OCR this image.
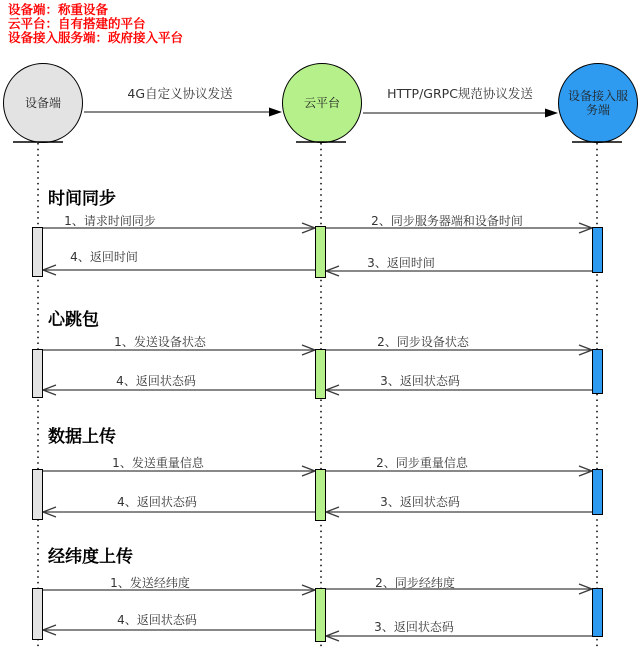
设备端：称重设备
云平台：自有搭建的平台
设备接入服务端：政府接入平台
设备端	云平台	设备接入服务端
4G自定义协议发送	HTTP/GRPC规范协议发送
时间同步
1、请求时间同步	2、同步服务器端和设备时间
3、返回时间
4、返回时间
心跳包
1、发送设备状态	2、同步设备状态
3、返回状态码
4、返回状态码
数据上传
1、发送重量信息	2、同步重量信息
3、返回状态码
4、返回状态码
经纬度上传
1、发送经纬度	2、同步经纬度
3、返回状态码
4、返回状态码
